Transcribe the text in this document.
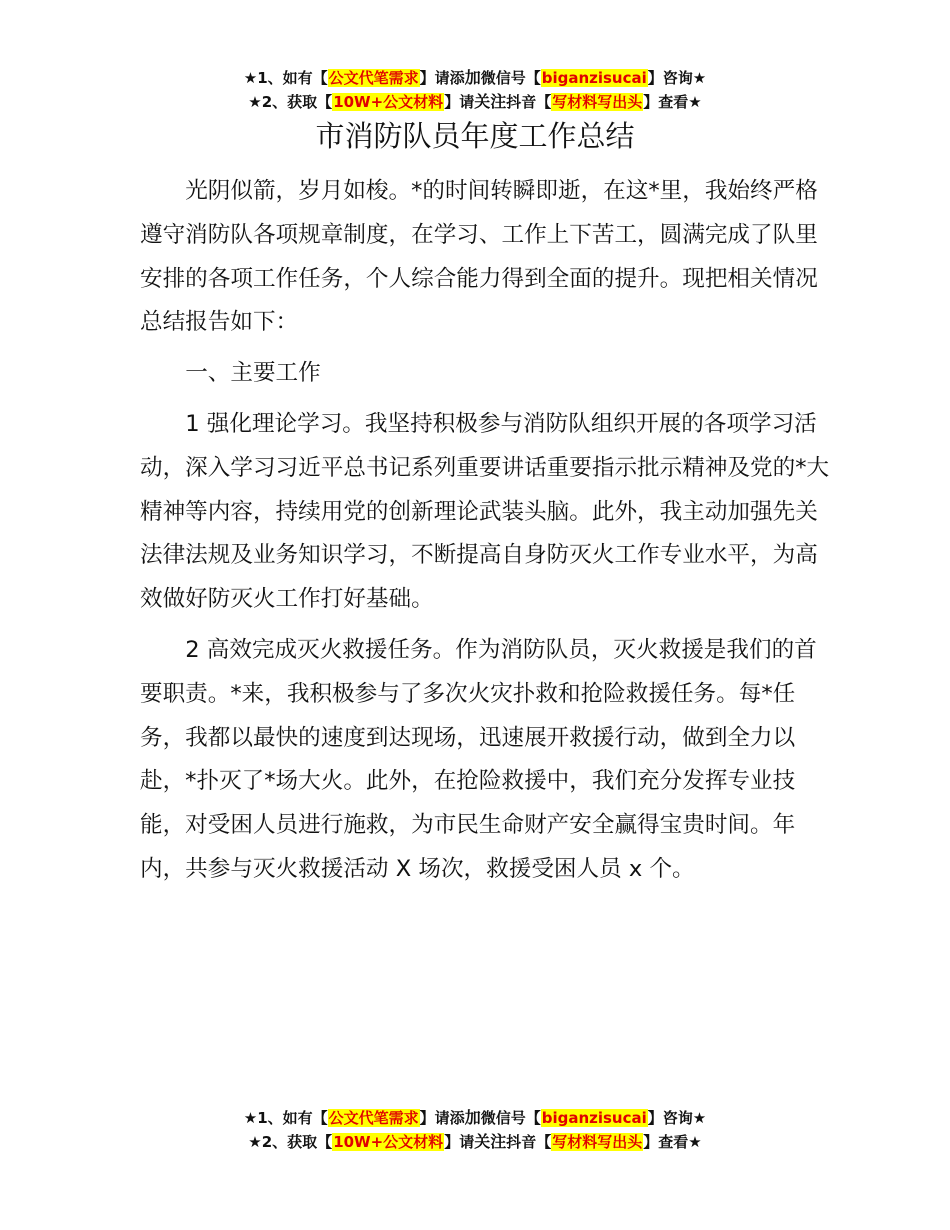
★1、如有【公文代笔需求】请添加微信号【biganzisucai】咨询★
★2、获取【10W+公文材料】请关注抖音【写材料写出头】查看★
市消防队员年度工作总结

光阴似箭，岁月如梭。*的时间转瞬即逝，在这*里，我始终严格遵守消防队各项规章制度，在学习、工作上下苦工，圆满完成了队里安排的各项工作任务，个人综合能力得到全面的提升。现把相关情况总结报告如下：

一、主要工作

1 强化理论学习。我坚持积极参与消防队组织开展的各项学习活动，深入学习习近平总书记系列重要讲话重要指示批示精神及党的*大精神等内容，持续用党的创新理论武装头脑。此外，我主动加强先关法律法规及业务知识学习，不断提高自身防灭火工作专业水平，为高效做好防灭火工作打好基础。

2 高效完成灭火救援任务。作为消防队员，灭火救援是我们的首要职责。*来，我积极参与了多次火灾扑救和抢险救援任务。每*任务，我都以最快的速度到达现场，迅速展开救援行动，做到全力以赴，*扑灭了*场大火。此外，在抢险救援中，我们充分发挥专业技能，对受困人员进行施救，为市民生命财产安全赢得宝贵时间。年内，共参与灭火救援活动 X 场次，救援受困人员 x 个。

★1、如有【公文代笔需求】请添加微信号【biganzisucai】咨询★
★2、获取【10W+公文材料】请关注抖音【写材料写出头】查看★
